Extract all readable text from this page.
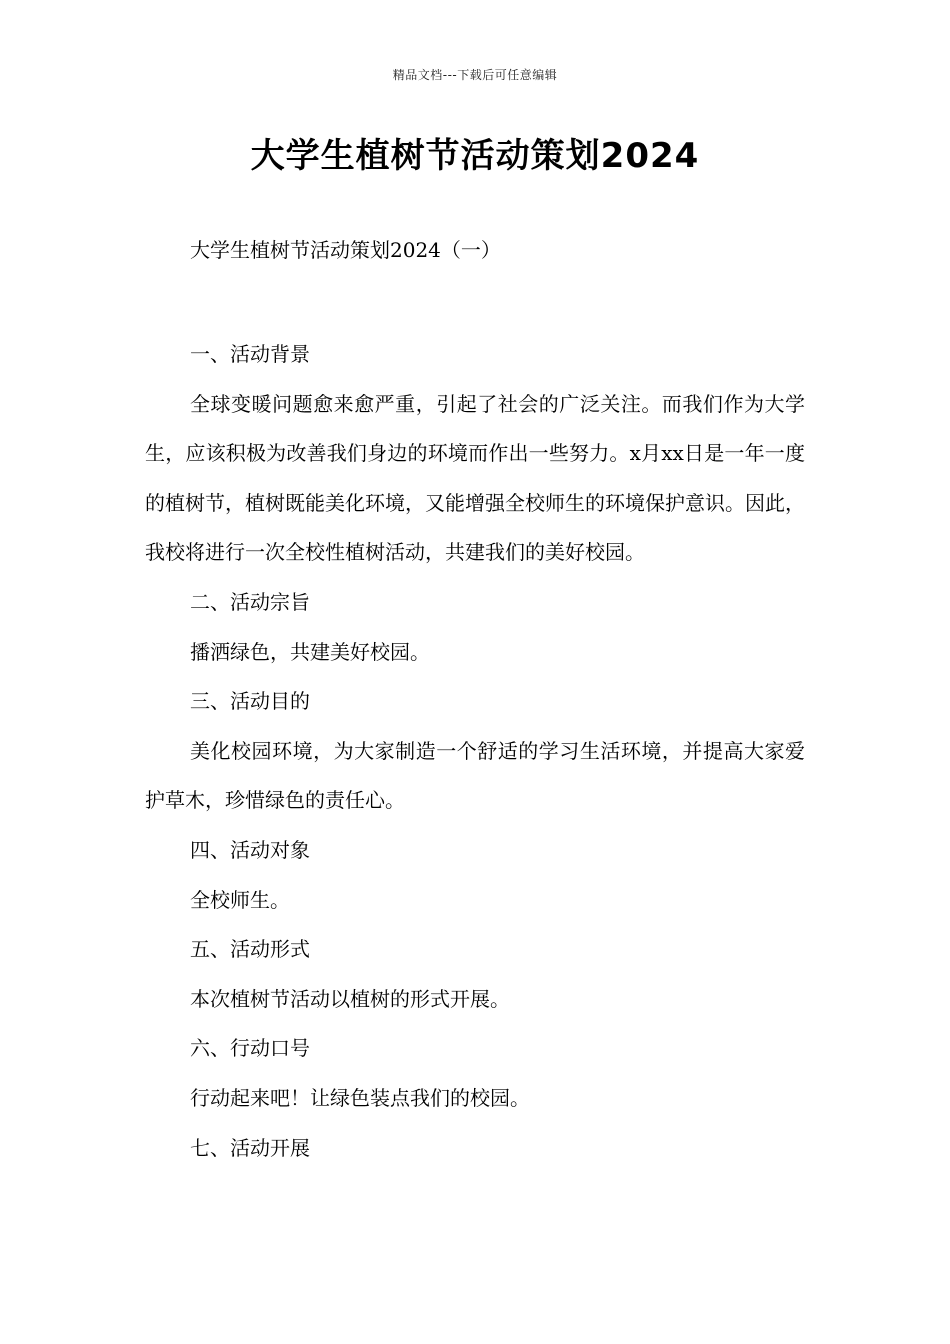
精品文档---下载后可任意编辑
大学生植树节活动策划2024

大学生植树节活动策划2024（一）

一、活动背景

全球变暖问题愈来愈严重，引起了社会的广泛关注。而我们作为大学生，应该积极为改善我们身边的环境而作出一些努力。x月xx日是一年一度的植树节，植树既能美化环境，又能增强全校师生的环境保护意识。因此，我校将进行一次全校性植树活动，共建我们的美好校园。

二、活动宗旨

播洒绿色，共建美好校园。

三、活动目的

美化校园环境，为大家制造一个舒适的学习生活环境，并提高大家爱护草木，珍惜绿色的责任心。

四、活动对象

全校师生。

五、活动形式

本次植树节活动以植树的形式开展。

六、行动口号

行动起来吧！让绿色装点我们的校园。

七、活动开展
